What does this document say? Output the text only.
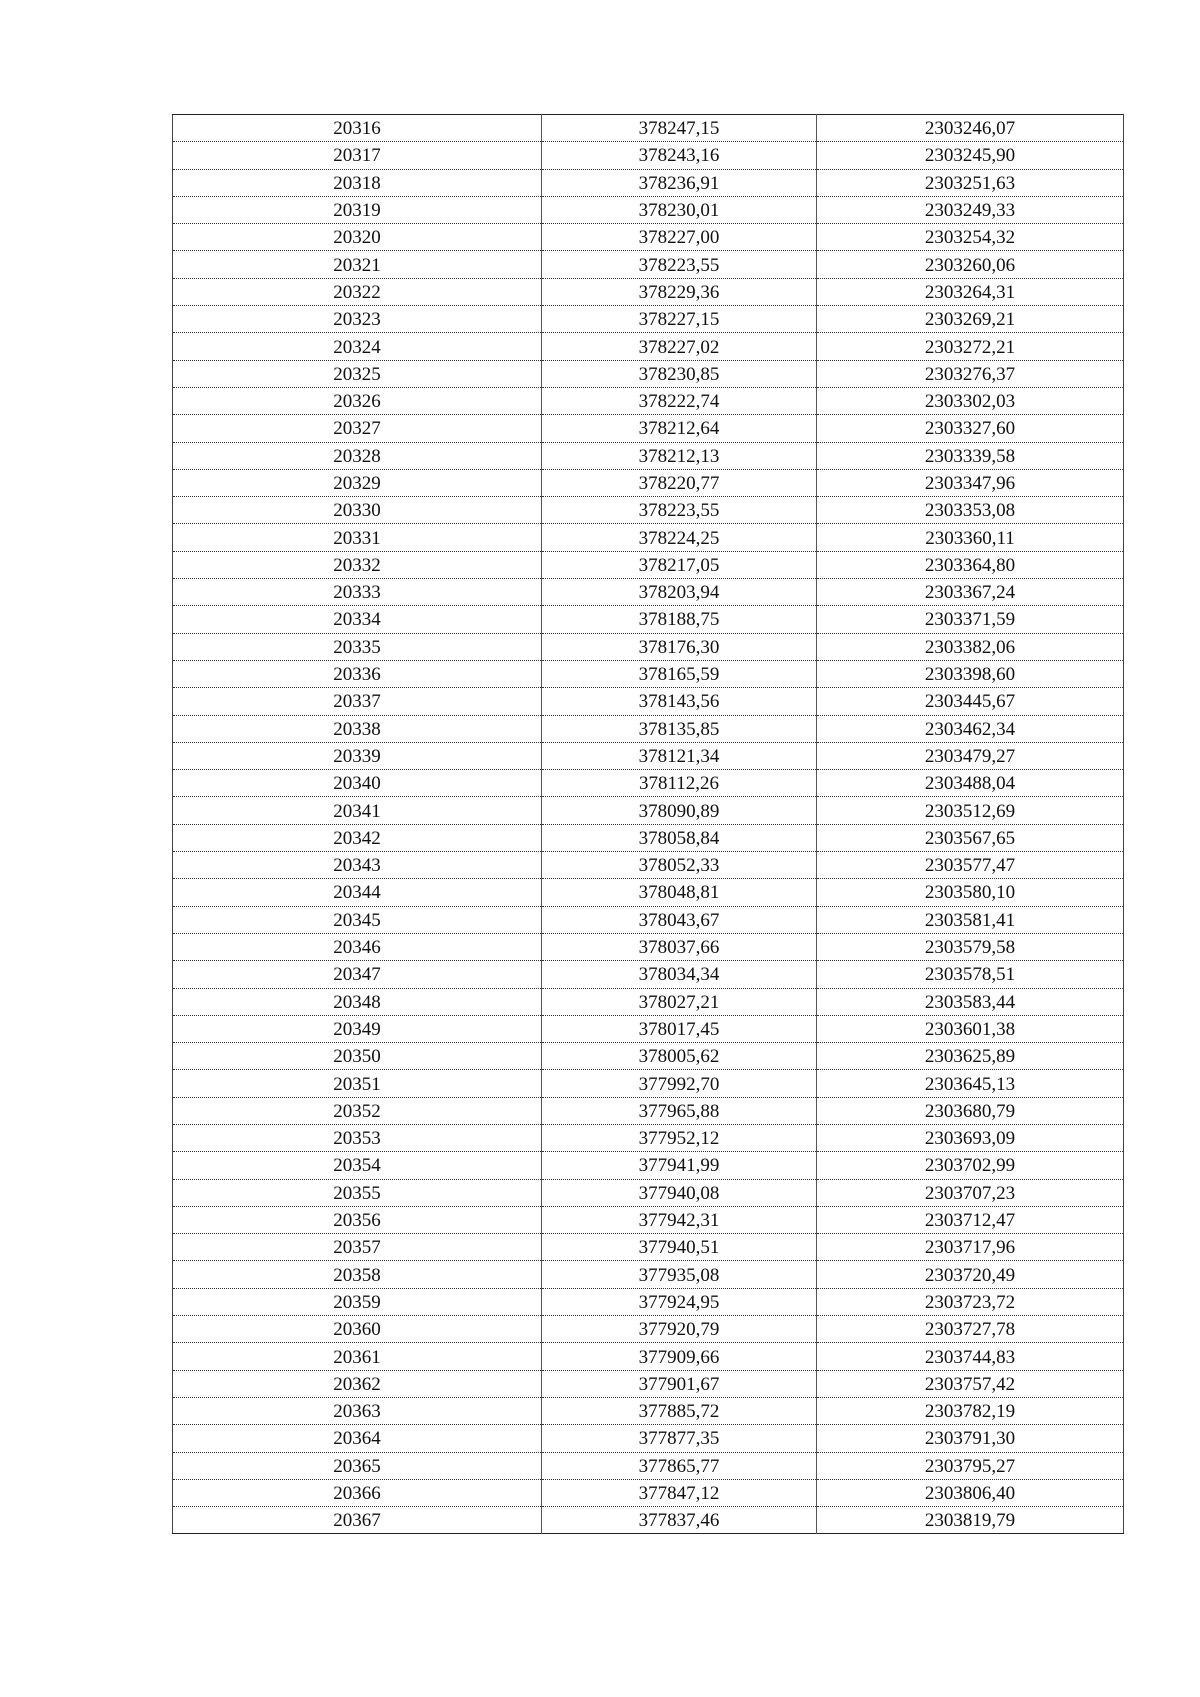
20316	378247,15	2303246,07
20317	378243,16	2303245,90
20318	378236,91	2303251,63
20319	378230,01	2303249,33
20320	378227,00	2303254,32
20321	378223,55	2303260,06
20322	378229,36	2303264,31
20323	378227,15	2303269,21
20324	378227,02	2303272,21
20325	378230,85	2303276,37
20326	378222,74	2303302,03
20327	378212,64	2303327,60
20328	378212,13	2303339,58
20329	378220,77	2303347,96
20330	378223,55	2303353,08
20331	378224,25	2303360,11
20332	378217,05	2303364,80
20333	378203,94	2303367,24
20334	378188,75	2303371,59
20335	378176,30	2303382,06
20336	378165,59	2303398,60
20337	378143,56	2303445,67
20338	378135,85	2303462,34
20339	378121,34	2303479,27
20340	378112,26	2303488,04
20341	378090,89	2303512,69
20342	378058,84	2303567,65
20343	378052,33	2303577,47
20344	378048,81	2303580,10
20345	378043,67	2303581,41
20346	378037,66	2303579,58
20347	378034,34	2303578,51
20348	378027,21	2303583,44
20349	378017,45	2303601,38
20350	378005,62	2303625,89
20351	377992,70	2303645,13
20352	377965,88	2303680,79
20353	377952,12	2303693,09
20354	377941,99	2303702,99
20355	377940,08	2303707,23
20356	377942,31	2303712,47
20357	377940,51	2303717,96
20358	377935,08	2303720,49
20359	377924,95	2303723,72
20360	377920,79	2303727,78
20361	377909,66	2303744,83
20362	377901,67	2303757,42
20363	377885,72	2303782,19
20364	377877,35	2303791,30
20365	377865,77	2303795,27
20366	377847,12	2303806,40
20367	377837,46	2303819,79
